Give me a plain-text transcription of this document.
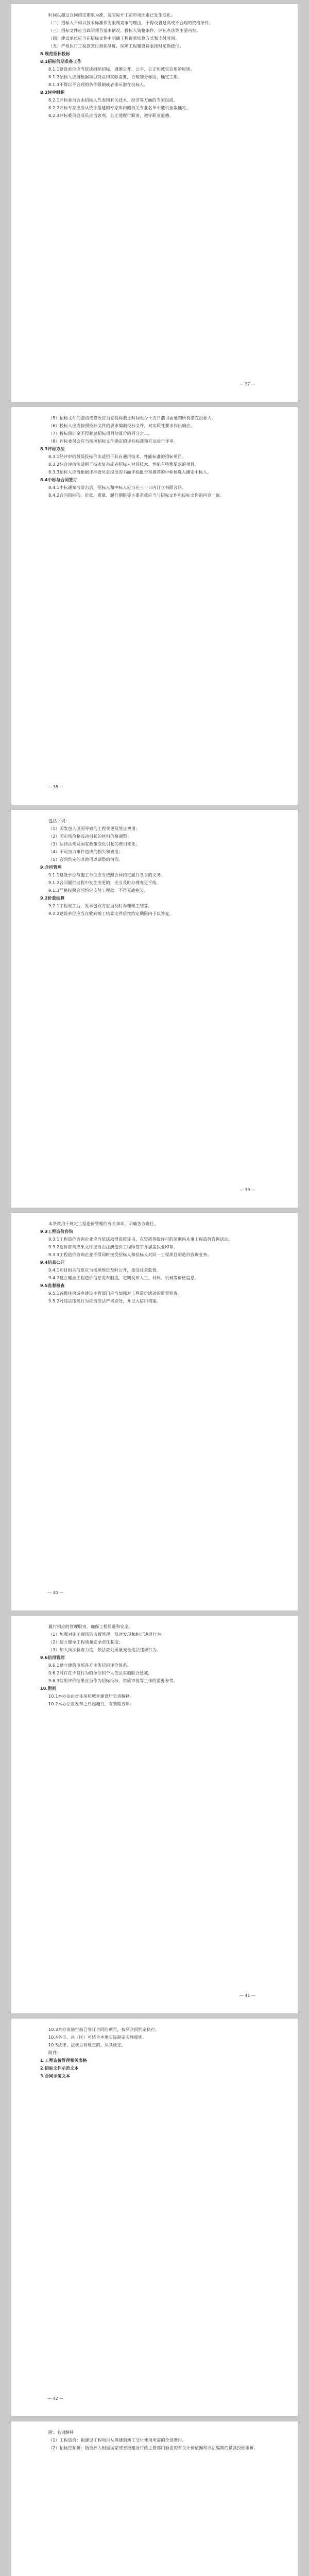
时间以超过合同约定期限为准，或实际开工前市场因素已发生变化。

（二）招标人不得以技术标准作为限制竞争的理由，不得设置过高或不合理的资格条件。

（三）招标文件应当载明项目基本情况、投标人资格条件、评标办法等主要内容。

（四）建设单位应当在招标文件中明确工程价款结算方式和支付时间。

（五）严格执行工程款支付担保制度，保障工程建设资金按时足额拨付。

8.规范招标投标

8.1招标前期准备工作

8.1.1建设单位应当依法组织招标，遵循公开、公平、公正和诚实信用的原则。

8.1.2招标人应当根据项目特点和实际需要，合理划分标段，确定工期。

8.1.3不得以不合理的条件限制或者排斥潜在投标人。

8.2评审组织

8.2.1评标委员会由招标人代表和有关技术、经济等方面的专家组成。

8.2.2评标专家应当从依法组建的专家库内的相关专业名单中随机抽取确定。

8.2.3评标委员会成员应当客观、公正地履行职责，遵守职业道德。

— 37 —

（5）招标文件的澄清或修改应当在投标截止时间至少十五日前书面通知所有潜在投标人。

（6）投标人应当按照招标文件的要求编制投标文件，对实质性要求作出响应。

（7）投标保证金不得超过招标项目估算价的百分之二。

（8）评标委员会应当按照招标文件确定的评标标准和方法进行评审。

8.3评标方法

8.3.1经评审的最低投标价法适用于具有通用技术、性能标准的招标项目。

8.3.2综合评估法适用于技术复杂或者招标人对其技术、性能有特殊要求的项目。

8.3.3招标人应当根据评标委员会提出的书面评标报告和推荐的中标候选人确定中标人。

8.4中标与合同签订

8.4.1中标通知书发出后，招标人和中标人应当在三十日内订立书面合同。

8.4.2合同的标的、价款、质量、履行期限等主要条款应当与招标文件和投标文件的内容一致。

— 38 —

包括下列：

（1）因发包人原因导致的工程变更及签证费用；

（2）因市场价格波动引起的材料价格调整；

（3）法律法规及国家政策变化引起的费用变化；

（4）不可抗力事件造成的损失和费用；

（5）合同约定的其他可以调整的情形。

9.合同管理

9.1.1建设单位与施工单位应当按照合同约定履行各自的义务。

9.1.2合同履行过程中发生变更的，应当及时办理变更手续。

9.1.3严格按照合同约定支付工程款，不得无故拖欠。

9.2价款结算

9.2.1工程竣工后，发承包双方应当及时办理竣工结算。

9.2.2建设单位应当在收到竣工结算文件后按约定期限内予以答复。

— 39 —

本条款用于规定工程造价管理的有关事项，明确各方责任。

9.3工程造价咨询

9.3.1工程造价咨询企业应当依法取得资质证书，在资质等级许可的范围内从事工程造价咨询活动。

9.3.2造价咨询成果文件应当由注册造价工程师签字并加盖执业印章。

9.3.3工程造价咨询企业不得同时接受招标人和投标人对同一工程项目的造价咨询业务。

9.4信息公开

9.4.1项目相关信息应当按照规定及时公开，接受社会监督。

9.4.2建立健全工程造价信息发布制度，定期发布人工、材料、机械等价格信息。

9.5监督检查

9.5.1各级住房城乡建设主管部门应当加强对工程造价活动的监督检查。

9.5.2对违法违规行为应当依法严肃查处，并记入信用档案。

— 40 —

履行相应的管理职责，确保工程质量和安全。

（1）加强对施工现场的监督管理，及时发现和纠正违规行为；

（2）建立健全工程质量安全责任制度；

（3）加大执法检查力度，依法查处质量安全违法违规行为。

9.6信用管理

9.6.1建立建筑市场各方主体信用评价体系。

9.6.2对存在不良行为的单位和个人依法实施联合惩戒。

9.6.3信用评价结果应当作为招标投标、资质审批等工作的重要参考。

10.附则

10.1本办法由省住房和城乡建设厅负责解释。

10.2本办法自发布之日起施行，有效期五年。

— 41 —

10.3本办法施行前已签订合同的项目，按原合同约定执行。

10.4各市、县（区）可结合本地实际制定实施细则。

10.5法律、法规另有规定的，从其规定。

附件：

1.工程造价管理相关表格

2.招标文件示范文本

3.合同示范文本

— 42 —

附：名词解释

（1）工程造价：指建设工程项目从筹建到竣工交付使用所需的全部费用。

（2）招标控制价：指招标人根据国家或省级建设行政主管部门颁发的有关计价依据和办法编制的最高投标限价。
